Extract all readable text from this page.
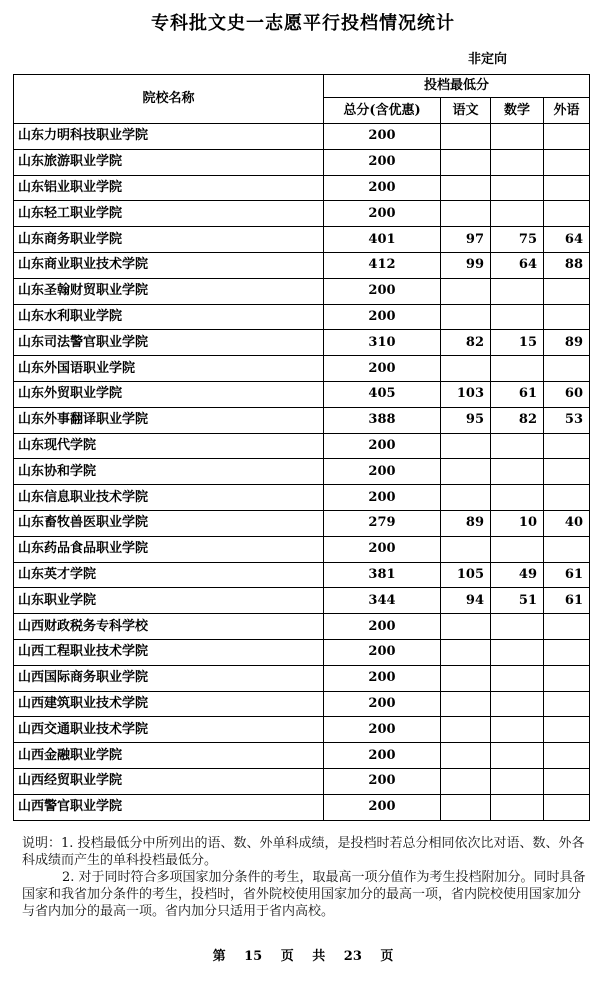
专科批文史一志愿平行投档情况统计
非定向
院校名称	投档最低分			
	总分(含优惠)	语文	数学	外语
山东力明科技职业学院	200			
山东旅游职业学院	200			
山东铝业职业学院	200			
山东轻工职业学院	200			
山东商务职业学院	401	97	75	64
山东商业职业技术学院	412	99	64	88
山东圣翰财贸职业学院	200			
山东水利职业学院	200			
山东司法警官职业学院	310	82	15	89
山东外国语职业学院	200			
山东外贸职业学院	405	103	61	60
山东外事翻译职业学院	388	95	82	53
山东现代学院	200			
山东协和学院	200			
山东信息职业技术学院	200			
山东畜牧兽医职业学院	279	89	10	40
山东药品食品职业学院	200			
山东英才学院	381	105	49	61
山东职业学院	344	94	51	61
山西财政税务专科学校	200			
山西工程职业技术学院	200			
山西国际商务职业学院	200			
山西建筑职业技术学院	200			
山西交通职业技术学院	200			
山西金融职业学院	200			
山西经贸职业学院	200			
山西警官职业学院	200			

说明：1. 投档最低分中所列出的语、数、外单科成绩，是投档时若总分相同依次比对语、数、外各科成绩而产生的单科投档最低分。

2. 对于同时符合多项国家加分条件的考生，取最高一项分值作为考生投档附加分。同时具备国家和我省加分条件的考生，投档时，省外院校使用国家加分的最高一项，省内院校使用国家加分与省内加分的最高一项。省内加分只适用于省内高校。

第 15 页 共 23 页
